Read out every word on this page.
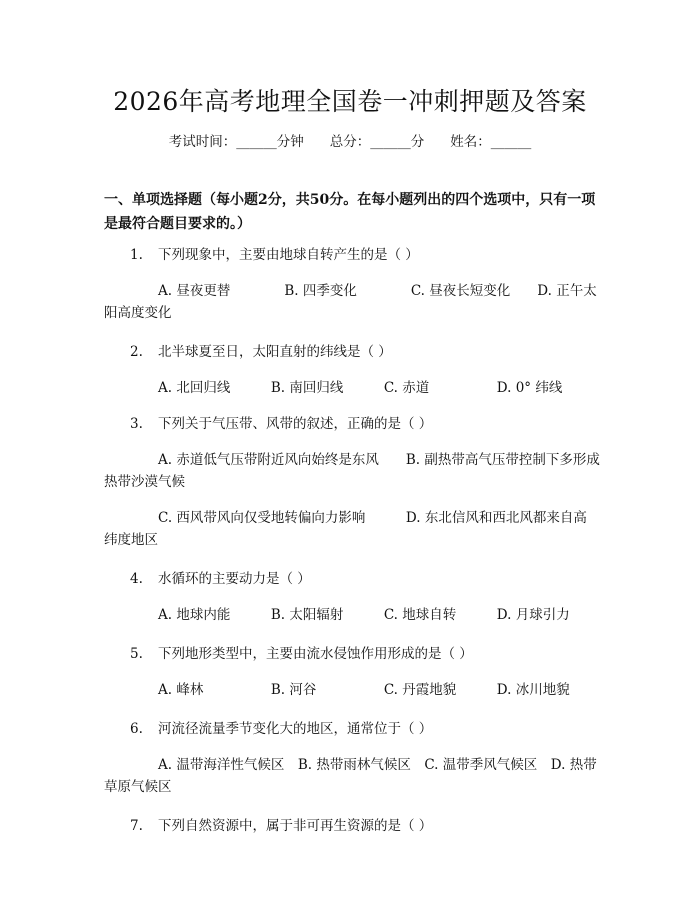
2026年高考地理全国卷一冲刺押题及答案
考试时间：______分钟 总分：______分 姓名：______
一、单项选择题（每小题2分，共50分。在每小题列出的四个选项中，只有一项是最符合题目要求的。）

1. 下列现象中，主要由地球自转产生的是（ ）

A. 昼夜更替　　　　B. 四季变化　　　　C. 昼夜长短变化　　D. 正午太阳高度变化

2. 北半球夏至日，太阳直射的纬线是（ ）

A. 北回归线　　　B. 南回归线　　　C. 赤道　　　　　D. 0° 纬线

3. 下列关于气压带、风带的叙述，正确的是（ ）

A. 赤道低气压带附近风向始终是东风　　B. 副热带高气压带控制下多形成热带沙漠气候

C. 西风带风向仅受地转偏向力影响　　　D. 东北信风和西北风都来自高纬度地区

4. 水循环的主要动力是（ ）

A. 地球内能　　　B. 太阳辐射　　　C. 地球自转　　　D. 月球引力

5. 下列地形类型中，主要由流水侵蚀作用形成的是（ ）

A. 峰林　　　　　B. 河谷　　　　　C. 丹霞地貌　　　D. 冰川地貌

6. 河流径流量季节变化大的地区，通常位于（ ）

A. 温带海洋性气候区　B. 热带雨林气候区　C. 温带季风气候区　D. 热带草原气候区

7. 下列自然资源中，属于非可再生资源的是（ ）
